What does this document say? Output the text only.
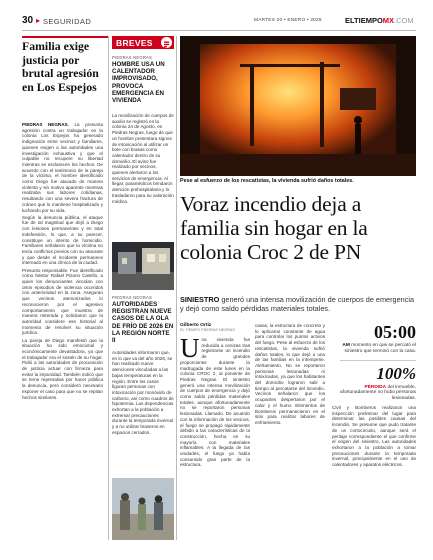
30 ▸ SEGURIDAD	MARTES 20 • ENERO • 2026	ELTIEMPOMX.COM
Familia exige justicia por brutal agresión en Los Espejos

PIEDRAS NEGRAS. La presunta agresión contra un trabajador en la colonia Los Espejos ha generado indignación entre vecinos y familiares, quienes exigen a las autoridades una investigación exhaustiva y que el culpable no recupere su libertad mientras se esclarecen los hechos. De acuerdo con el testimonio de la pareja de la víctima, el hombre identificado como Diego fue atacado de manera violenta y sin motivo aparente mientras realizaba sus labores cotidianas, resultando con una severa fractura de cráneo que lo mantiene hospitalizado y luchando por su vida.

Según la denuncia pública, el ataque fue de tal magnitud que dejó a Diego con lesiones permanentes y en total indefensión, lo que, a su parecer, constituye un intento de homicidio. Familiares señalaron que la víctima no tenía conflictos previos con su atacante y que desde el incidente permanece internado en una clínica de la ciudad.

Presunto responsable. Fue identificado como Néstor Rafael Pizano Castillo, a quien los denunciantes vinculan con otros episodios de violencia ocurridos con anterioridad en la zona. Aseguran que vecinos atemorizados lo reconocieron por el agresivo comportamiento que muestra de manera reiterada y solicitaron que la autoridad considere ese historial al momento de resolver su situación jurídica.

La pareja de Diego manifestó que la situación ha sido emocional y económicamente devastadora, ya que el trabajador era el sostén de su hogar. Pidió a las autoridades de procuración de justicia actuar con firmeza para evitar la impunidad. También indicó que se teme represalias por hacer pública la denuncia, pero consideró necesario exponer el caso para que no se repitan hechos similares.

BREVES
PIEDRAS NEGRAS
HOMBRE USA UN CALENTADOR IMPROVISADO, PROVOCA EMERGENCIA EN VIVIENDA
La movilización de cuerpos de auxilio se registró en la colonia 24 de Agosto, en Piedras Negras, luego de que un hombre presentara signos de intoxicación al utilizar un bote con brasas como calentador dentro de su domicilio. El aviso fue realizado por vecinos, quienes alertaron a los servicios de emergencia. Al llegar, paramédicos brindaron atención prehospitalaria y lo trasladaron para su valoración médica.
PIEDRAS NEGRAS
AUTORIDADES REGISTRAN NUEVE CASOS DE LA OLA DE FRÍO DE 2026 EN LA REGIÓN NORTE II
Autoridades informaron que, en lo que va del año 2026, se han realizado nueve atenciones vinculadas a las bajas temperaturas en la región. Entre los casos figuran personas con intoxicación por monóxido de carbono, así como cuadros de hipotermia. Las dependencias exhortan a la población a extremar precauciones durante la temporada invernal y a no utilizar braseros en espacios cerrados.
Pese al esfuerzo de los rescatistas, la vivienda sufrió daños totales.
Voraz incendio deja a familia sin hogar en la colonia Croc 2 de PN
SINIESTRO generó una intensa movilización de cuerpos de emergencia y dejó como saldo pérdidas materiales totales.
Gilberto Ortiz
EL TIEMPO PIEDRAS NEGRAS
U na vivienda fue reducida a cenizas tras registrarse un incendio de grandes proporciones durante la madrugada de este lunes en la colonia CROC 2, al poniente de Piedras Negras. El siniestro generó una intensa movilización de cuerpos de emergencia y dejó como saldo pérdidas materiales totales, aunque afortunadamente no se reportaron personas lesionadas. Llamado. De acuerdo con la información de los vecinos, el fuego se propagó rápidamente debido a las características de la construcción, hecha en su mayoría con materiales inflamables. A la llegada de las unidades, el fuego ya había consumido gran parte de la estructura.
casas, la estructura de concreto y lo aplicaron constante de agua para controlar los puntos activos del fuego. Pese al esfuerzo de los rescatistas, la vivienda sufrió daños totales, lo que dejó a una de las familias en la intemperie. Alertamiento. No se reportaron personas lesionadas ni intoxicadas, ya que los habitantes del domicilio lograron salir a tiempo al percatarse del incendio. Vecinos señalaron que los ocupantes despertaron por el calor y el humo. Elementos de Bomberos permanecieron en el sitio para realizar labores de enfriamiento.
05:00
AM momento en que se percató el siniestro que terminó con la casa.
100%
PÉRDIDA del inmueble, afortunadamente no hubo personas lesionadas.
Civil y Bomberos realizaron una inspección preliminar del lugar para determinar las posibles causas del incendio. Se presume que pudo tratarse de un cortocircuito, aunque será el peritaje correspondiente el que confirme el origen del siniestro. Las autoridades exhortaron a la población a tomar precauciones durante la temporada invernal, principalmente en el uso de calentadores y aparatos eléctricos.
